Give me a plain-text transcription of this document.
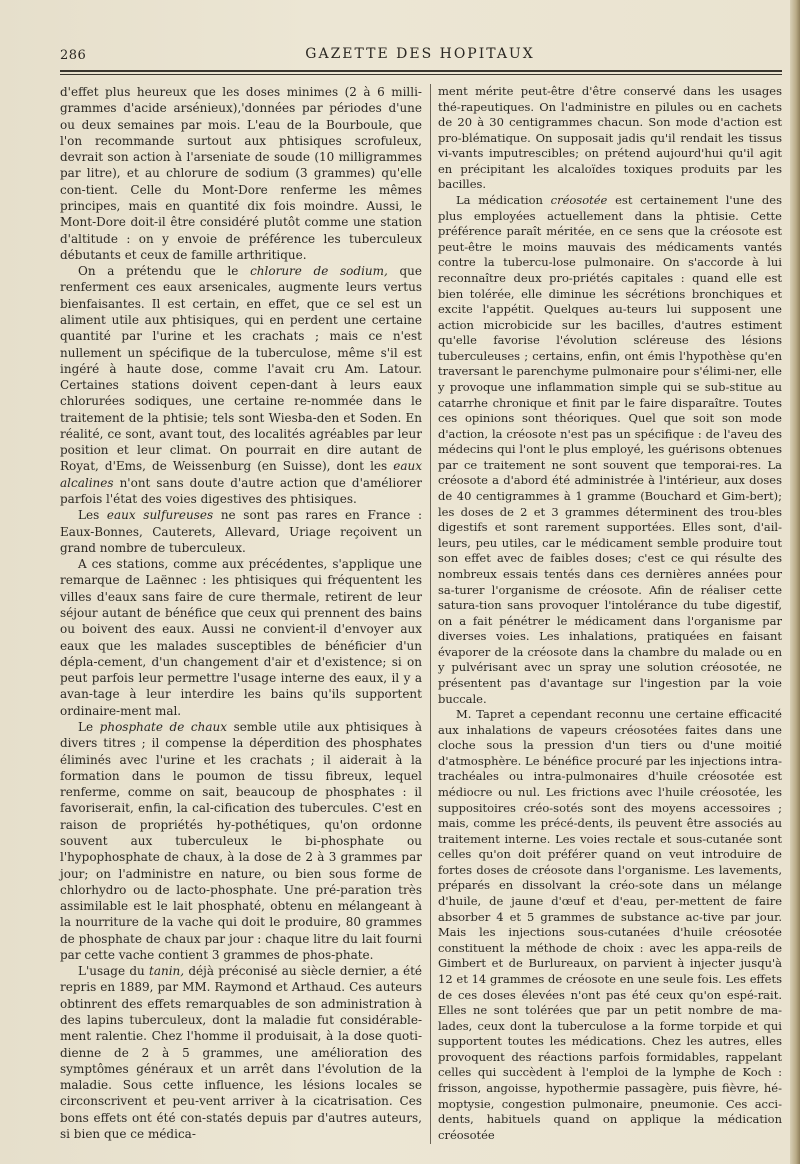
286	GAZETTE DES HOPITAUX

d'effet plus heureux que les doses minimes (2 à 6 milli-grammes d'acide arsénieux),'données par périodes d'une ou deux semaines par mois. L'eau de la Bourboule, que l'on recommande surtout aux phtisiques scrofuleux, devrait son action à l'arseniate de soude (10 milligrammes par litre), et au chlorure de sodium (3 grammes) qu'elle con-tient. Celle du Mont-Dore renferme les mêmes principes, mais en quantité dix fois moindre. Aussi, le Mont-Dore doit-il être considéré plutôt comme une station d'altitude : on y envoie de préférence les tuberculeux débutants et ceux de famille arthritique.

On a prétendu que le chlorure de sodium, que renferment ces eaux arsenicales, augmente leurs vertus bienfaisantes. Il est certain, en effet, que ce sel est un aliment utile aux phtisiques, qui en perdent une certaine quantité par l'urine et les crachats ; mais ce n'est nullement un spécifique de la tuberculose, même s'il est ingéré à haute dose, comme l'avait cru Am. Latour. Certaines stations doivent cepen-dant à leurs eaux chlorurées sodiques, une certaine re-nommée dans le traitement de la phtisie; tels sont Wiesba-den et Soden. En réalité, ce sont, avant tout, des localités agréables par leur position et leur climat. On pourrait en dire autant de Royat, d'Ems, de Weissenburg (en Suisse), dont les eaux alcalines n'ont sans doute d'autre action que d'améliorer parfois l'état des voies digestives des phtisiques.

Les eaux sulfureuses ne sont pas rares en France : Eaux-Bonnes, Cauterets, Allevard, Uriage reçoivent un grand nombre de tuberculeux.

A ces stations, comme aux précédentes, s'applique une remarque de Laënnec : les phtisiques qui fréquentent les villes d'eaux sans faire de cure thermale, retirent de leur séjour autant de bénéfice que ceux qui prennent des bains ou boivent des eaux. Aussi ne convient-il d'envoyer aux eaux que les malades susceptibles de bénéficier d'un dépla-cement, d'un changement d'air et d'existence; si on peut parfois leur permettre l'usage interne des eaux, il y a avan-tage à leur interdire les bains qu'ils supportent ordinaire-ment mal.

Le phosphate de chaux semble utile aux phtisiques à divers titres ; il compense la déperdition des phosphates éliminés avec l'urine et les crachats ; il aiderait à la formation dans le poumon de tissu fibreux, lequel renferme, comme on sait, beaucoup de phosphates : il favoriserait, enfin, la cal-cification des tubercules. C'est en raison de propriétés hy-pothétiques, qu'on ordonne souvent aux tuberculeux le bi-phosphate ou l'hypophosphate de chaux, à la dose de 2 à 3 grammes par jour; on l'administre en nature, ou bien sous forme de chlorhydro ou de lacto-phosphate. Une pré-paration très assimilable est le lait phosphaté, obtenu en mélangeant à la nourriture de la vache qui doit le produire, 80 grammes de phosphate de chaux par jour : chaque litre du lait fourni par cette vache contient 3 grammes de phos-phate.

L'usage du tanin, déjà préconisé au siècle dernier, a été repris en 1889, par MM. Raymond et Arthaud. Ces auteurs obtinrent des effets remarquables de son administration à des lapins tuberculeux, dont la maladie fut considérable-ment ralentie. Chez l'homme il produisait, à la dose quoti-dienne de 2 à 5 grammes, une amélioration des symptômes généraux et un arrêt dans l'évolution de la maladie. Sous cette influence, les lésions locales se circonscrivent et peu-vent arriver à la cicatrisation. Ces bons effets ont été con-statés depuis par d'autres auteurs, si bien que ce médica-

ment mérite peut-être d'être conservé dans les usages thé-rapeutiques. On l'administre en pilules ou en cachets de 20 à 30 centigrammes chacun. Son mode d'action est pro-blématique. On supposait jadis qu'il rendait les tissus vi-vants imputrescibles; on prétend aujourd'hui qu'il agit en précipitant les alcaloïdes toxiques produits par les bacilles.

La médication créosotée est certainement l'une des plus employées actuellement dans la phtisie. Cette préférence paraît méritée, en ce sens que la créosote est peut-être le moins mauvais des médicaments vantés contre la tubercu-lose pulmonaire. On s'accorde à lui reconnaître deux pro-priétés capitales : quand elle est bien tolérée, elle diminue les sécrétions bronchiques et excite l'appétit. Quelques au-teurs lui supposent une action microbicide sur les bacilles, d'autres estiment qu'elle favorise l'évolution scléreuse des lésions tuberculeuses ; certains, enfin, ont émis l'hypothèse qu'en traversant le parenchyme pulmonaire pour s'élimi-ner, elle y provoque une inflammation simple qui se sub-stitue au catarrhe chronique et finit par le faire disparaître. Toutes ces opinions sont théoriques. Quel que soit son mode d'action, la créosote n'est pas un spécifique : de l'aveu des médecins qui l'ont le plus employé, les guérisons obtenues par ce traitement ne sont souvent que temporai-res. La créosote a d'abord été administrée à l'intérieur, aux doses de 40 centigrammes à 1 gramme (Bouchard et Gim-bert); les doses de 2 et 3 grammes déterminent des trou-bles digestifs et sont rarement supportées. Elles sont, d'ail-leurs, peu utiles, car le médicament semble produire tout son effet avec de faibles doses; c'est ce qui résulte des nombreux essais tentés dans ces dernières années pour sa-turer l'organisme de créosote. Afin de réaliser cette satura-tion sans provoquer l'intolérance du tube digestif, on a fait pénétrer le médicament dans l'organisme par diverses voies. Les inhalations, pratiquées en faisant évaporer de la créosote dans la chambre du malade ou en y pulvérisant avec un spray une solution créosotée, ne présentent pas d'avantage sur l'ingestion par la voie buccale.

M. Tapret a cependant reconnu une certaine efficacité aux inhalations de vapeurs créosotées faites dans une cloche sous la pression d'un tiers ou d'une moitié d'atmosphère. Le bénéfice procuré par les injections intra-trachéales ou intra-pulmonaires d'huile créosotée est médiocre ou nul. Les frictions avec l'huile créosotée, les suppositoires créo-sotés sont des moyens accessoires ; mais, comme les précé-dents, ils peuvent être associés au traitement interne. Les voies rectale et sous-cutanée sont celles qu'on doit préférer quand on veut introduire de fortes doses de créosote dans l'organisme. Les lavements, préparés en dissolvant la créo-sote dans un mélange d'huile, de jaune d'œuf et d'eau, per-mettent de faire absorber 4 et 5 grammes de substance ac-tive par jour. Mais les injections sous-cutanées d'huile créosotée constituent la méthode de choix : avec les appa-reils de Gimbert et de Burlureaux, on parvient à injecter jusqu'à 12 et 14 grammes de créosote en une seule fois. Les effets de ces doses élevées n'ont pas été ceux qu'on espé-rait. Elles ne sont tolérées que par un petit nombre de ma-lades, ceux dont la tuberculose a la forme torpide et qui supportent toutes les médications. Chez les autres, elles provoquent des réactions parfois formidables, rappelant celles qui succèdent à l'emploi de la lymphe de Koch : frisson, angoisse, hypothermie passagère, puis fièvre, hé-moptysie, congestion pulmonaire, pneumonie. Ces acci-dents, habituels quand on applique la médication créosotée
